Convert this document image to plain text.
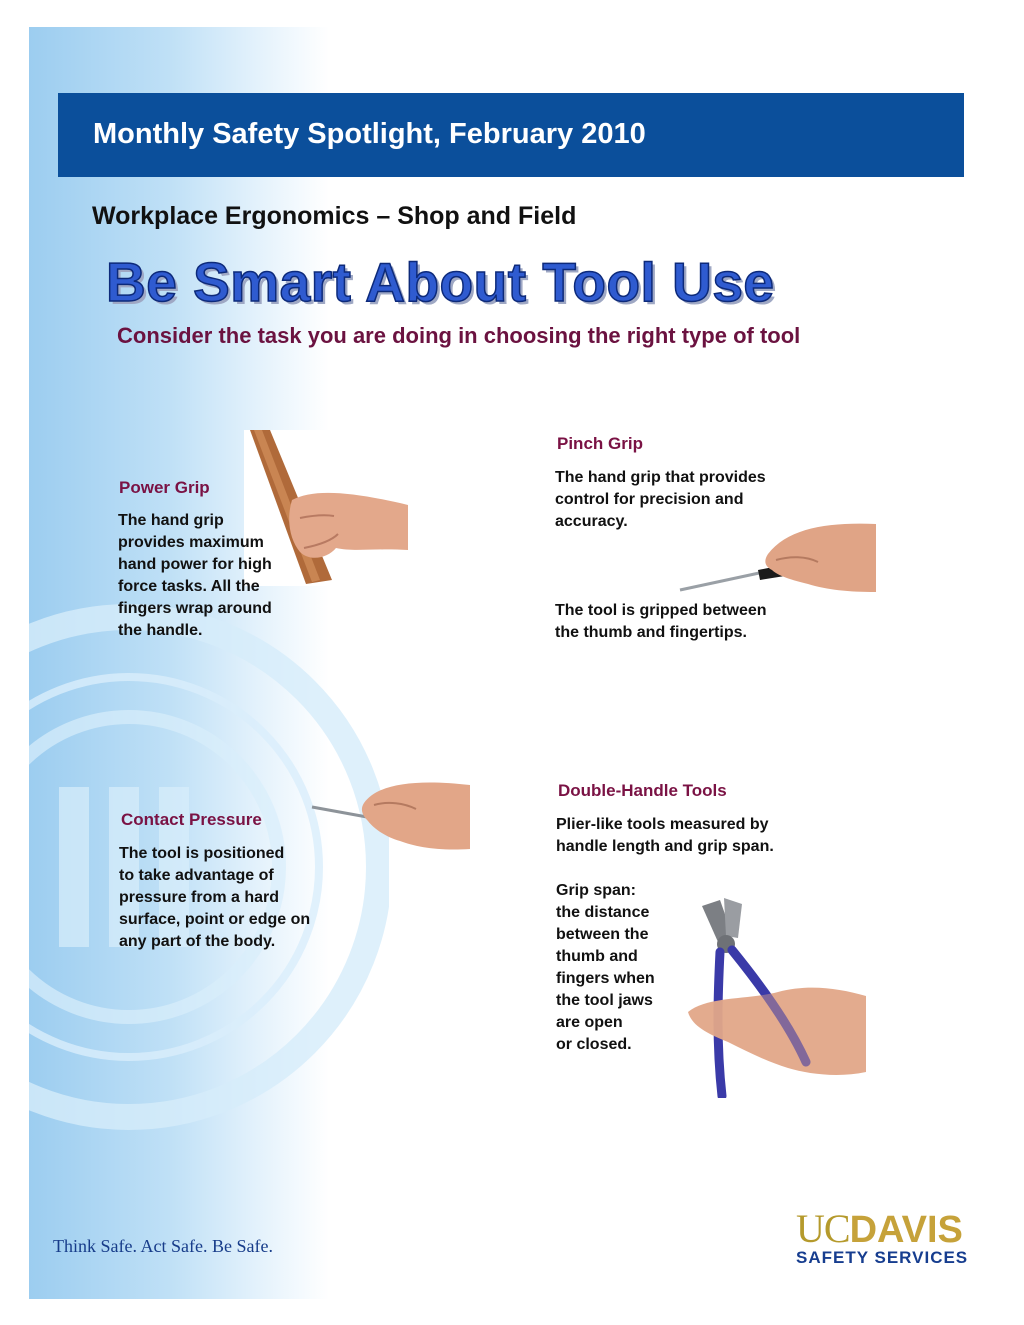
Monthly Safety Spotlight, February 2010
Workplace Ergonomics – Shop and Field
Be Smart About Tool Use
Consider the task you are doing in choosing the right type of tool
Power Grip
The hand grip
provides maximum
hand power for high
force tasks. All the
fingers wrap around
the handle.
Pinch Grip
The hand grip that provides
control for precision and
accuracy.
The tool is gripped between
the thumb and fingertips.
Contact Pressure
The tool is positioned
to take advantage of
pressure from a hard
surface, point or edge on
any part of the body.
Double-Handle Tools
Plier-like tools measured by
handle length and grip span.
Grip span:
the distance
between the
thumb and
fingers when
the tool jaws
are open
or closed.
Think Safe. Act Safe. Be Safe.	UCDAVIS
SAFETY SERVICES
